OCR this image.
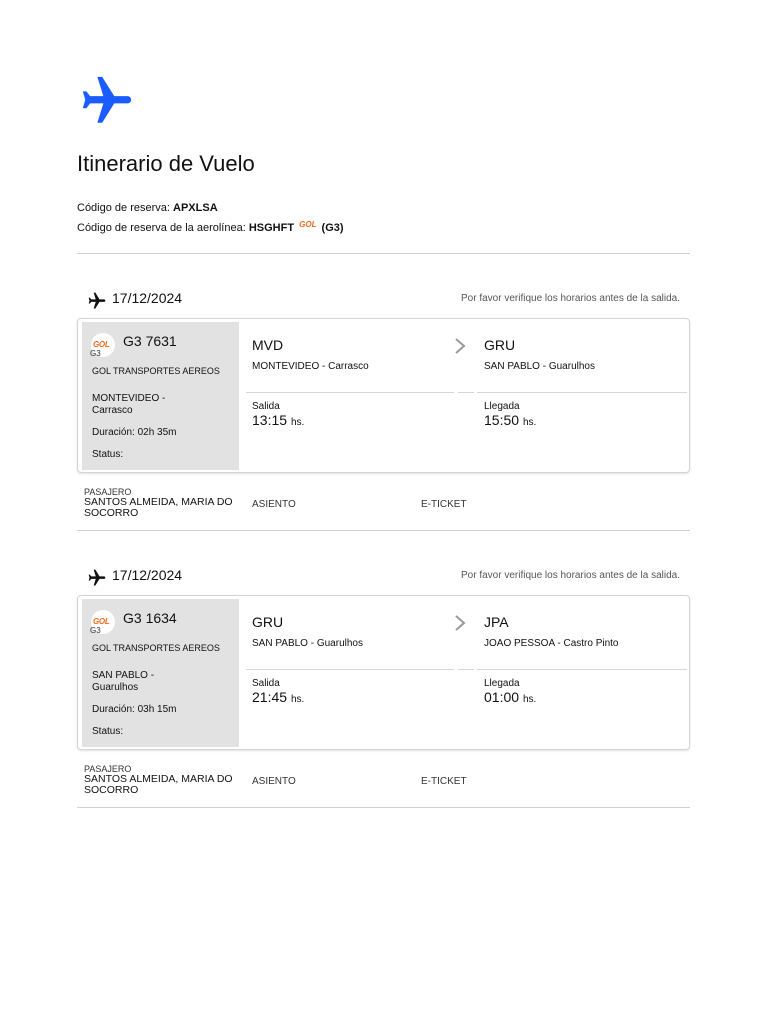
Itinerario de Vuelo
Código de reserva: APXLSA
Código de reserva de la aerolínea: HSGHFT $^{GOL}$ (G3)
17/12/2024	Por favor verifique los horarios antes de la salida.
GOL
G3
G3 7631
GOL TRANSPORTES AEREOS
MONTEVIDEO - Carrasco
Duración: 02h 35m
Status:
MVD
MONTEVIDEO - Carrasco
GRU
SAN PABLO - Guarulhos
Salida
13:15 hs.
Llegada
15:50 hs.
PASAJERO
SANTOS ALMEIDA, MARIA DO SOCORRO
ASIENTO	E-TICKET
17/12/2024	Por favor verifique los horarios antes de la salida.
GOL
G3
G3 1634
GOL TRANSPORTES AEREOS
SAN PABLO - Guarulhos
Duración: 03h 15m
Status:
GRU
SAN PABLO - Guarulhos
JPA
JOAO PESSOA - Castro Pinto
Salida
21:45 hs.
Llegada
01:00 hs.
PASAJERO
SANTOS ALMEIDA, MARIA DO SOCORRO
ASIENTO	E-TICKET
